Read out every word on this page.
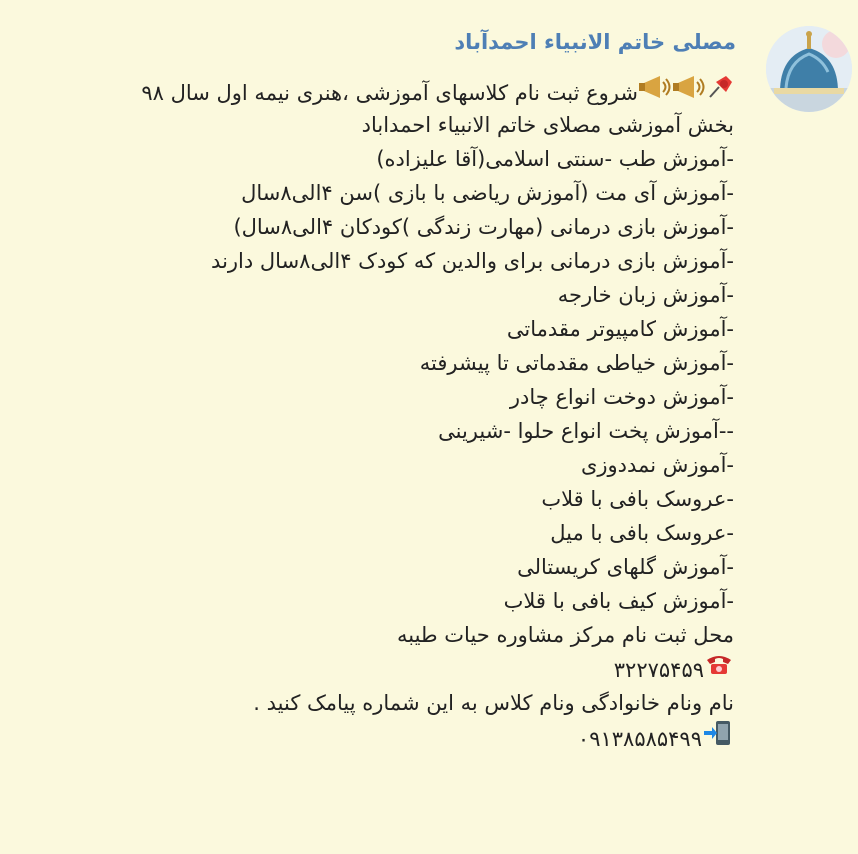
مصلی خاتم الانبیاء احمدآباد
شروع ثبت نام کلاسهای آموزشی ،هنری نیمه اول سال ۹۸
بخش آموزشی مصلای خاتم الانبیاء احمداباد
-آموزش طب -سنتی اسلامی(آقا علیزاده)
-آموزش آی مت (آموزش ریاضی با بازی )سن ۴الی۸سال
-آموزش بازی درمانی (مهارت زندگی )کودکان ۴الی۸سال)
-آموزش بازی درمانی برای والدین که کودک ۴الی۸سال دارند
-آموزش زبان خارجه
-آموزش کامپیوتر مقدماتی
-آموزش خیاطی مقدماتی تا پیشرفته
-آموزش دوخت انواع چادر
--آموزش پخت انواع حلوا -شیرینی
-آموزش نمددوزی
-عروسک بافی با قلاب
-عروسک بافی با میل
-آموزش گلهای کریستالی
-آموزش کیف بافی با قلاب
محل ثبت نام مرکز مشاوره حیات طیبه
۳۲۲۷۵۴۵۹
نام ونام خانوادگی ونام کلاس به این شماره پیامک کنید .
۰۹۱۳۸۵۸۵۴۹۹
